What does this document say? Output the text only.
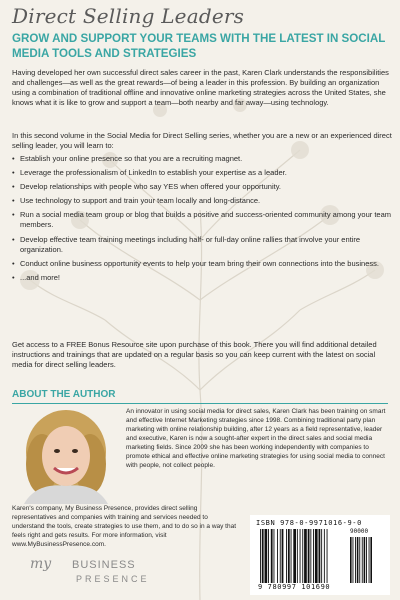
Direct Selling Leaders
GROW AND SUPPORT YOUR TEAMS WITH THE LATEST IN SOCIAL MEDIA TOOLS AND STRATEGIES
Having developed her own successful direct sales career in the past, Karen Clark understands the responsibilities and challenges—as well as the great rewards—of being a leader in this profession. By building an organization using a combination of traditional offline and innovative online marketing strategies across the United States, she knows what it is like to grow and support a team—both nearby and far away—using technology.
In this second volume in the Social Media for Direct Selling series, whether you are a new or an experienced direct selling leader, you will learn to:
• Establish your online presence so that you are a recruiting magnet.
• Leverage the professionalism of LinkedIn to establish your expertise as a leader.
• Develop relationships with people who say YES when offered your opportunity.
• Use technology to support and train your team locally and long-distance.
• Run a social media team group or blog that builds a positive and success-oriented community among your team members.
• Develop effective team training meetings including half- or full-day online rallies that involve your entire organization.
• Conduct online business opportunity events to help your team bring their own connections into the business.
• ...and more!
Get access to a FREE Bonus Resource site upon purchase of this book. There you will find additional detailed instructions and trainings that are updated on a regular basis so you can keep current with the latest on social media for direct selling leaders.
ABOUT THE AUTHOR
An innovator in using social media for direct sales, Karen Clark has been training on smart and effective Internet Marketing strategies since 1998. Combining traditional party plan marketing with online relationship building, after 12 years as a field representative, leader and executive, Karen is now a sought-after expert in the direct sales and social media marketing fields. Since 2009 she has been working independently with companies to promote ethical and effective online marketing strategies for using social media to connect with people, not collect people.
Karen's company, My Business Presence, provides direct selling representatives and companies with training and services needed to understand the tools, create strategies to use them, and to do so in a way that feels right and gets results. For more information, visit www.MyBusinessPresence.com.
my BUSINESS
PRESENCE
ISBN 978-0-9971016-9-0
90000
9 780997 101690
